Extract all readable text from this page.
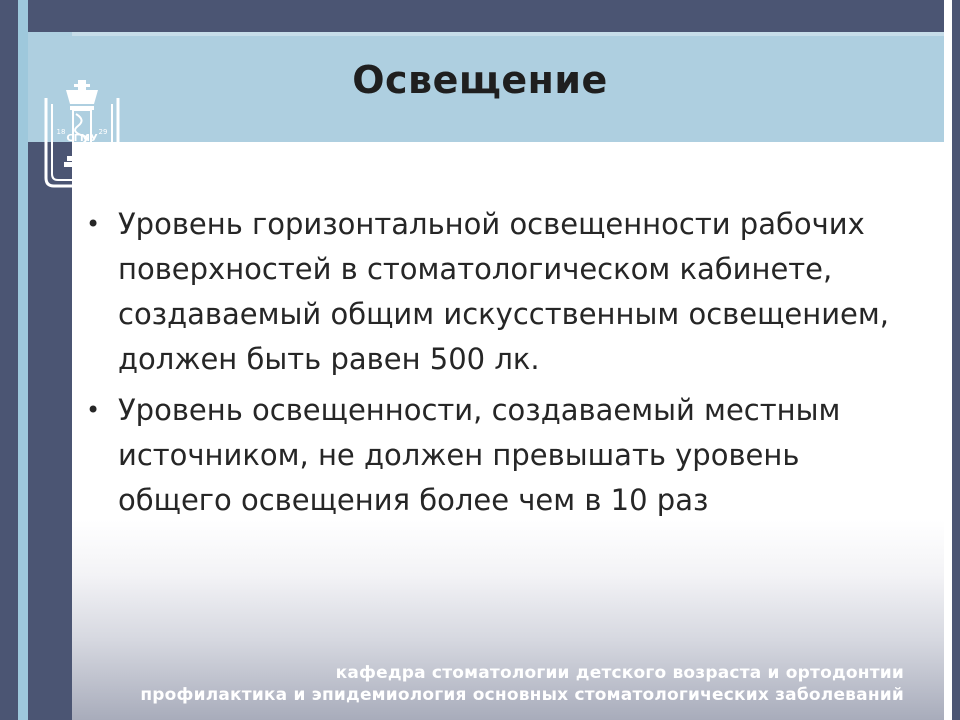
Освещение
СГМУ
18	29
• Уровень горизонтальной освещенности рабочих
поверхностей в стоматологическом кабинете,
создаваемый общим искусственным освещением,
должен быть равен 500 лк.
• Уровень освещенности, создаваемый местным
источником, не должен превышать уровень
общего освещения более чем в 10 раз
кафедра стоматологии детского возраста и ортодонтии
профилактика и эпидемиология основных стоматологических заболеваний
